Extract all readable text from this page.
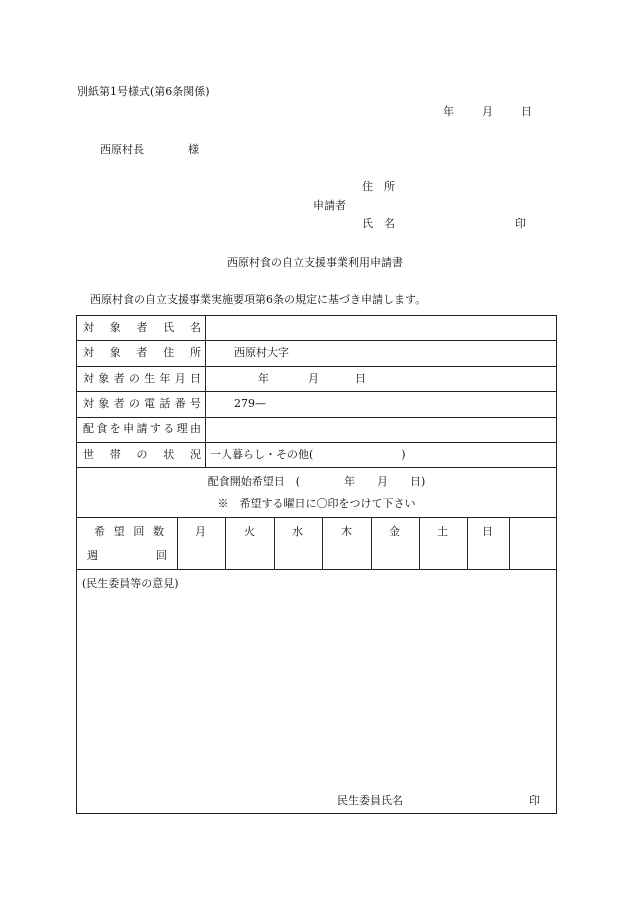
別紙第1号様式(第6条関係)
年	月	日
西原村長	様
住　所
申請者
氏　名	印
西原村食の自立支援事業利用申請書
西原村食の自立支援事業実施要項第6条の規定に基づき申請します。
対 象 者 氏 名
対 象 者 住 所	西原村大字
対 象 者 の 生 年 月 日	年	月	日
対 象 者 の 電 話 番 号	279—
配 食 を 申 請 す る 理 由
世 帯 の 状 況 一人暮らし・その他(　　　　　　　　)
配食開始希望日　(　　　　年　　月　　日)
※　希望する曜日に〇印をつけて下さい
希 望 回 数
週	回
月	火	水	木	金	土	日
(民生委員等の意見)
民生委員氏名	印
